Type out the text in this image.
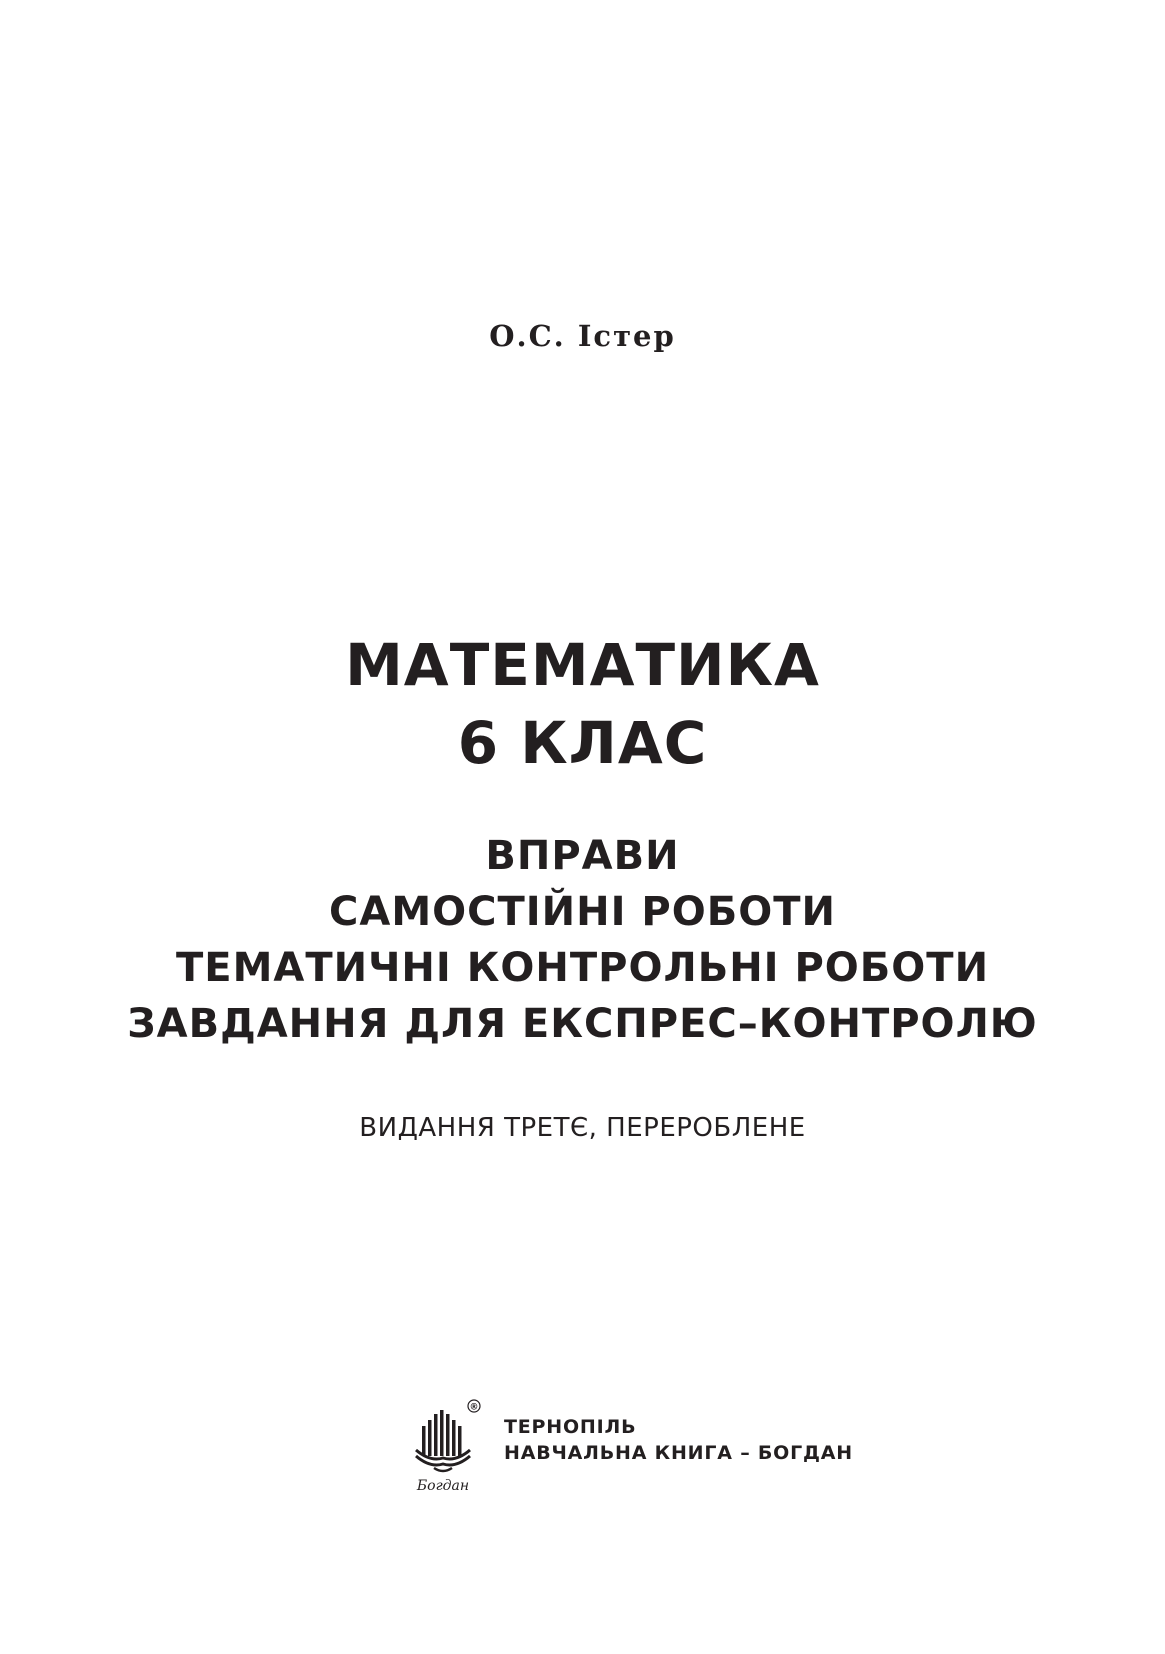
О.С. Істер
МАТЕМАТИКА
6 КЛАС
ВПРАВИ
САМОСТІЙНІ РОБОТИ
ТЕМАТИЧНІ КОНТРОЛЬНІ РОБОТИ
ЗАВДАННЯ ДЛЯ ЕКСПРЕС–КОНТРОЛЮ
ВИДАННЯ ТРЕТЄ, ПЕРЕРОБЛЕНЕ
®
Богдан
ТЕРНОПІЛЬ
НАВЧАЛЬНА КНИГА – БОГДАН
